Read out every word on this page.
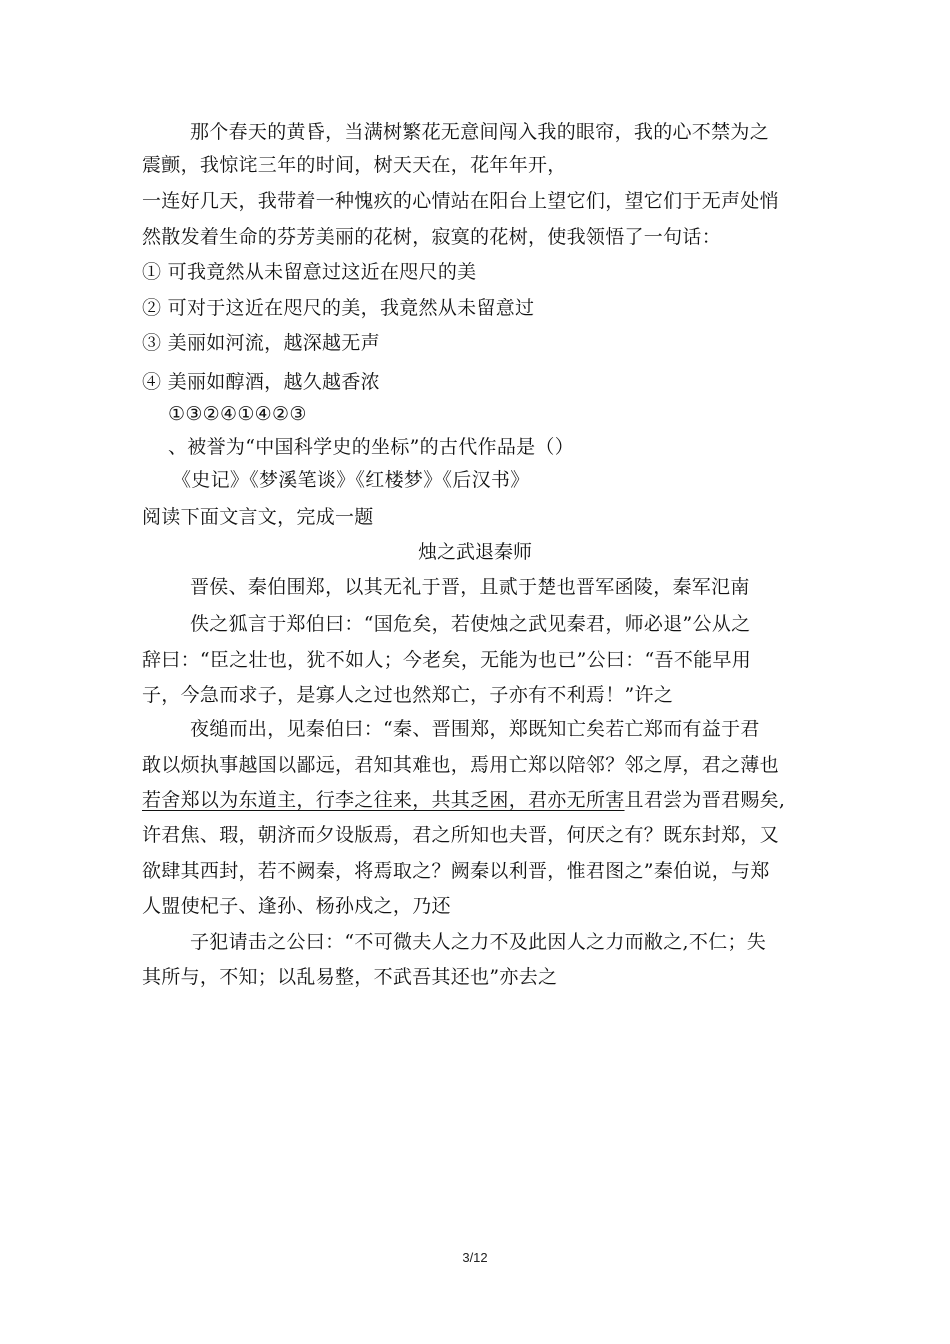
那个春天的黄昏，当满树繁花无意间闯入我的眼帘，我的心不禁为之
震颤，我惊诧三年的时间，树天天在，花年年开，
一连好几天，我带着一种愧疚的心情站在阳台上望它们，望它们于无声处悄
然散发着生命的芬芳美丽的花树，寂寞的花树，使我领悟了一句话：
① 可我竟然从未留意过这近在咫尺的美
② 可对于这近在咫尺的美，我竟然从未留意过
③ 美丽如河流，越深越无声
④ 美丽如醇酒，越久越香浓
①③②④①④②③
、被誉为“中国科学史的坐标”的古代作品是（）
《史记》《梦溪笔谈》《红楼梦》《后汉书》
阅读下面文言文，完成一题
烛之武退秦师
晋侯、秦伯围郑，以其无礼于晋，且贰于楚也晋军函陵，秦军氾南
佚之狐言于郑伯曰：“国危矣，若使烛之武见秦君，师必退”公从之
辞曰：“臣之壮也，犹不如人；今老矣，无能为也已”公曰：“吾不能早用
子，今急而求子，是寡人之过也然郑亡，子亦有不利焉！”许之
夜缒而出，见秦伯曰：“秦、晋围郑，郑既知亡矣若亡郑而有益于君
敢以烦执事越国以鄙远，君知其难也，焉用亡郑以陪邻？邻之厚，君之薄也
若舍郑以为东道主，行李之往来，共其乏困，君亦无所害且君尝为晋君赐矣,
许君焦、瑕，朝济而夕设版焉，君之所知也夫晋，何厌之有？既东封郑，又
欲肆其西封，若不阙秦，将焉取之？阙秦以利晋，惟君图之”秦伯说，与郑
人盟使杞子、逢孙、杨孙戍之，乃还
子犯请击之公曰：“不可微夫人之力不及此因人之力而敝之,不仁；失
其所与，不知；以乱易整，不武吾其还也”亦去之
3/12
